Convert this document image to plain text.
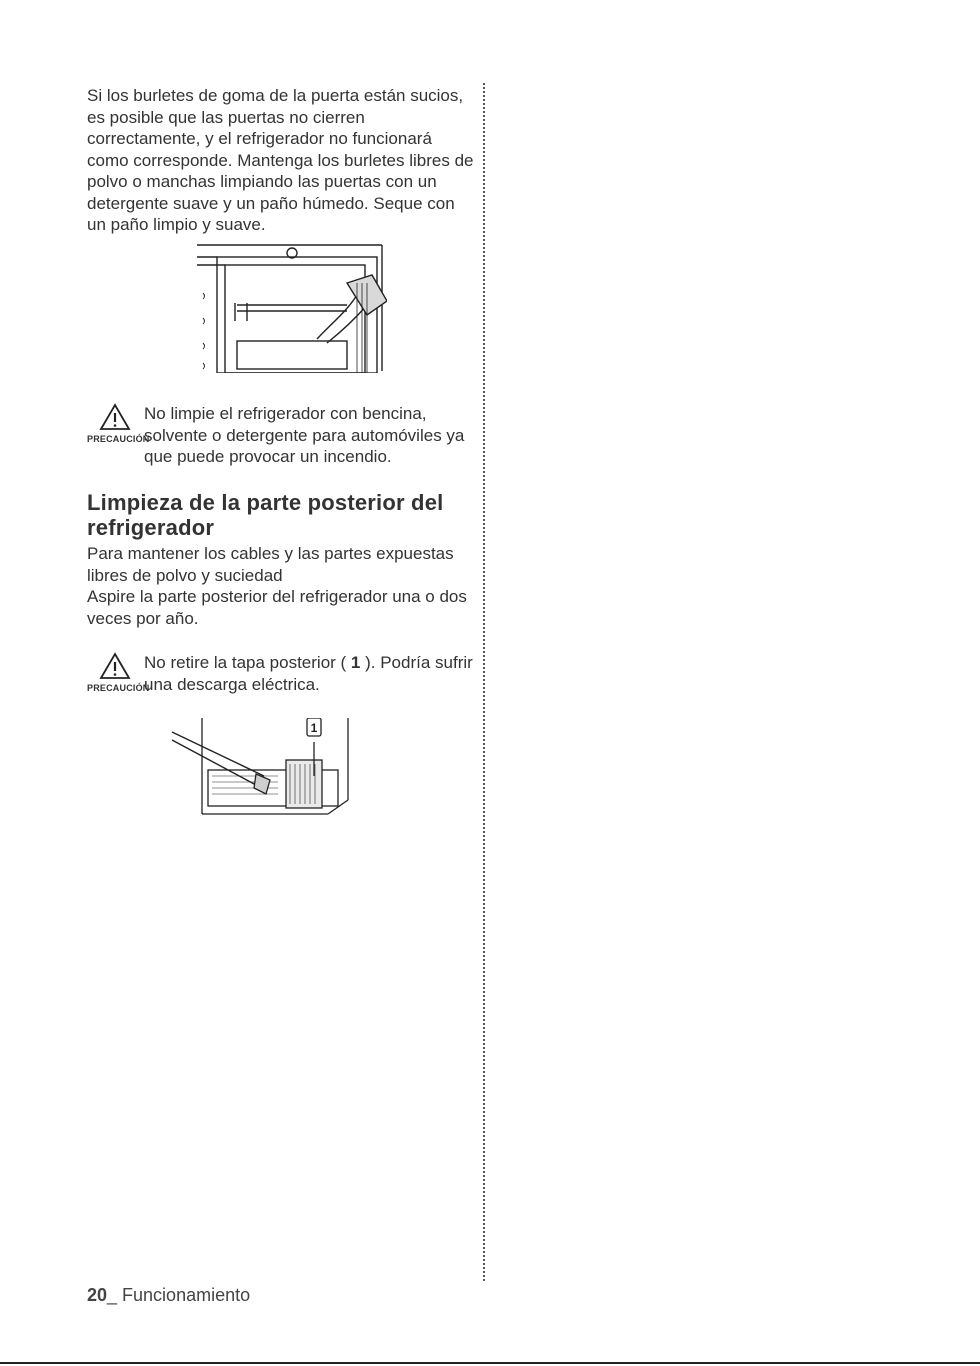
Si los burletes de goma de la puerta están sucios, es posible que las puertas no cierren correctamente, y el refrigerador no funcionará como corresponde. Mantenga los burletes libres de polvo o manchas limpiando las puertas con un detergente suave y un paño húmedo. Seque con un paño limpio y suave.

PRECAUCIÓN
No limpie el refrigerador con bencina, solvente o detergente para automóviles ya que puede provocar un incendio.
Limpieza de la parte posterior del refrigerador

Para mantener los cables y las partes expuestas libres de polvo y suciedad

Aspire la parte posterior del refrigerador una o dos veces por año.

PRECAUCIÓN
No retire la tapa posterior ( 1 ). Podría sufrir una descarga eléctrica.
1
20_ Funcionamiento
